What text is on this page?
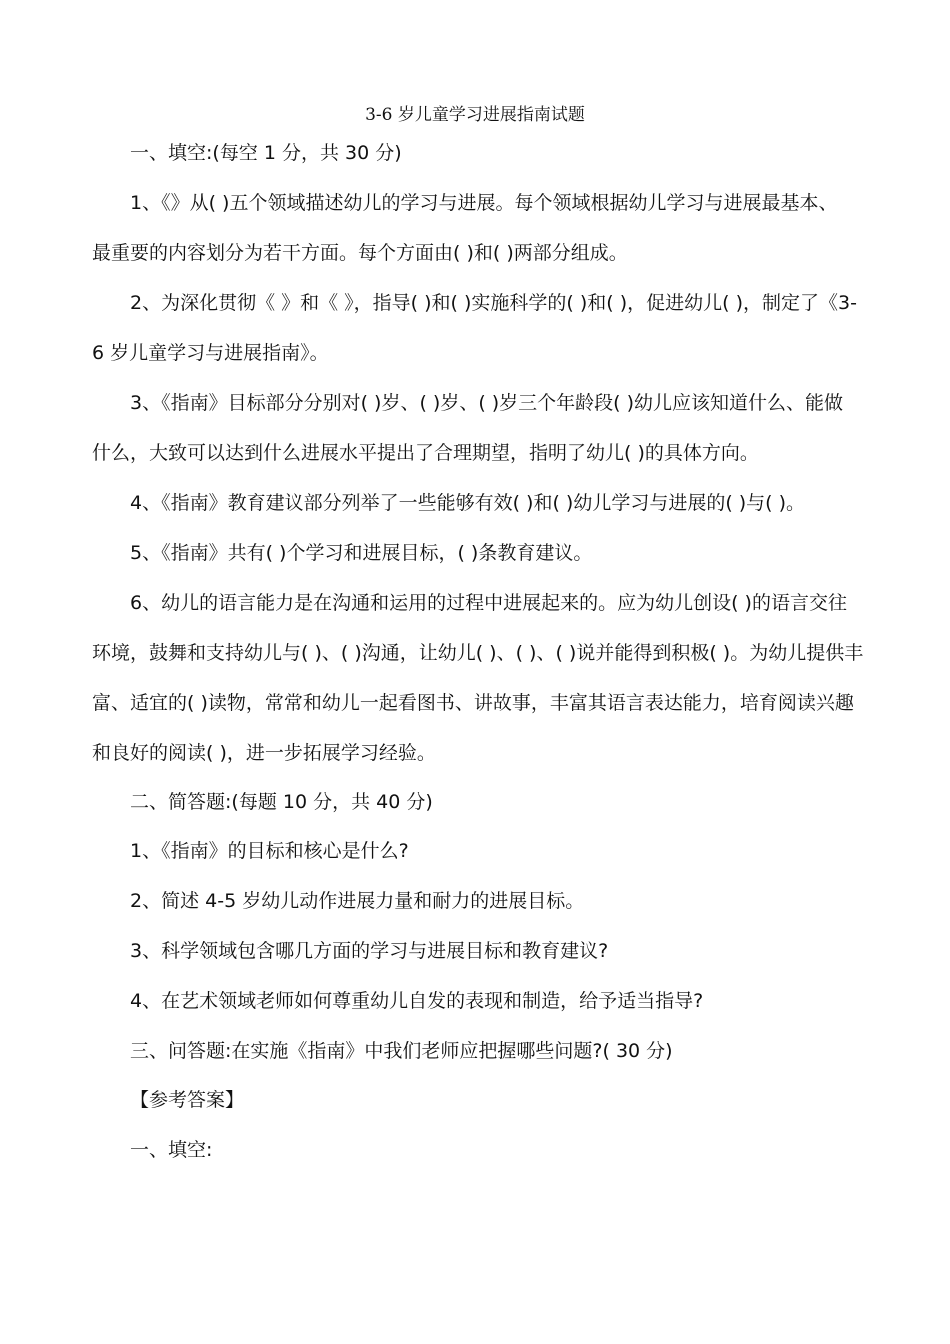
3-6 岁儿童学习进展指南试题
一、填空:(每空 1 分，共 30 分)
1、《》从( )五个领域描述幼儿的学习与进展。每个领域根据幼儿学习与进展最基本、
最重要的内容划分为若干方面。每个方面由( )和( )两部分组成。
2、为深化贯彻《 》和《 》，指导( )和( )实施科学的( )和( )，促进幼儿( )，制定了《3-
6 岁儿童学习与进展指南》。
3、《指南》目标部分分别对( )岁、( )岁、( )岁三个年龄段( )幼儿应该知道什么、能做
什么，大致可以达到什么进展水平提出了合理期望，指明了幼儿( )的具体方向。
4、《指南》教育建议部分列举了一些能够有效( )和( )幼儿学习与进展的( )与( )。
5、《指南》共有( )个学习和进展目标，( )条教育建议。
6、幼儿的语言能力是在沟通和运用的过程中进展起来的。应为幼儿创设( )的语言交往
环境，鼓舞和支持幼儿与( )、( )沟通，让幼儿( )、( )、( )说并能得到积极( )。为幼儿提供丰
富、适宜的( )读物，常常和幼儿一起看图书、讲故事，丰富其语言表达能力，培育阅读兴趣
和良好的阅读( )，进一步拓展学习经验。
二、简答题:(每题 10 分，共 40 分)
1、《指南》的目标和核心是什么?
2、简述 4-5 岁幼儿动作进展力量和耐力的进展目标。
3、科学领域包含哪几方面的学习与进展目标和教育建议?
4、在艺术领域老师如何尊重幼儿自发的表现和制造，给予适当指导?
三、问答题:在实施《指南》中我们老师应把握哪些问题?( 30 分)
【参考答案】
一、填空:
